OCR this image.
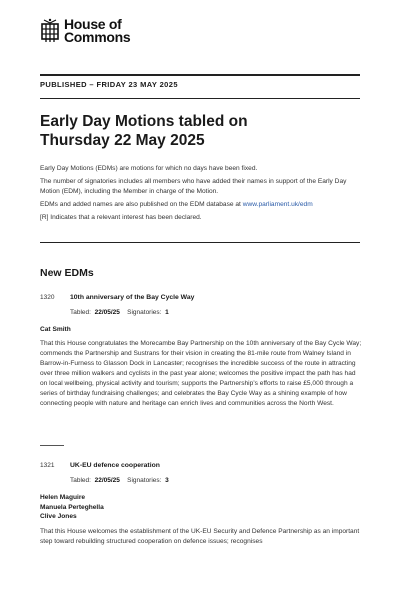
House of
Commons
PUBLISHED – FRIDAY 23 MAY 2025
Early Day Motions tabled on
Thursday 22 May 2025

Early Day Motions (EDMs) are motions for which no days have been fixed.

The number of signatories includes all members who have added their names in support of the Early Day Motion (EDM), including the Member in charge of the Motion.

EDMs and added names are also published on the EDM database at www.parliament.uk/edm

[R] Indicates that a relevant interest has been declared.

New EDMs
1320 10th anniversary of the Bay Cycle Way
Tabled: 22/05/25 Signatories: 1
Cat Smith
That this House congratulates the Morecambe Bay Partnership on the 10th anniversary of the Bay Cycle Way; commends the Partnership and Sustrans for their vision in creating the 81-mile route from Walney Island in Barrow-in-Furness to Glasson Dock in Lancaster; recognises the incredible success of the route in attracting over three million walkers and cyclists in the past year alone; welcomes the positive impact the path has had on local wellbeing, physical activity and tourism; supports the Partnership’s efforts to raise £5,000 through a series of birthday fundraising challenges; and celebrates the Bay Cycle Way as a shining example of how connecting people with nature and heritage can enrich lives and communities across the North West.
1321 UK-EU defence cooperation
Tabled: 22/05/25 Signatories: 3
Helen Maguire
Manuela Perteghella
Clive Jones
That this House welcomes the establishment of the UK-EU Security and Defence Partnership as an important step toward rebuilding structured cooperation on defence issues; recognises
